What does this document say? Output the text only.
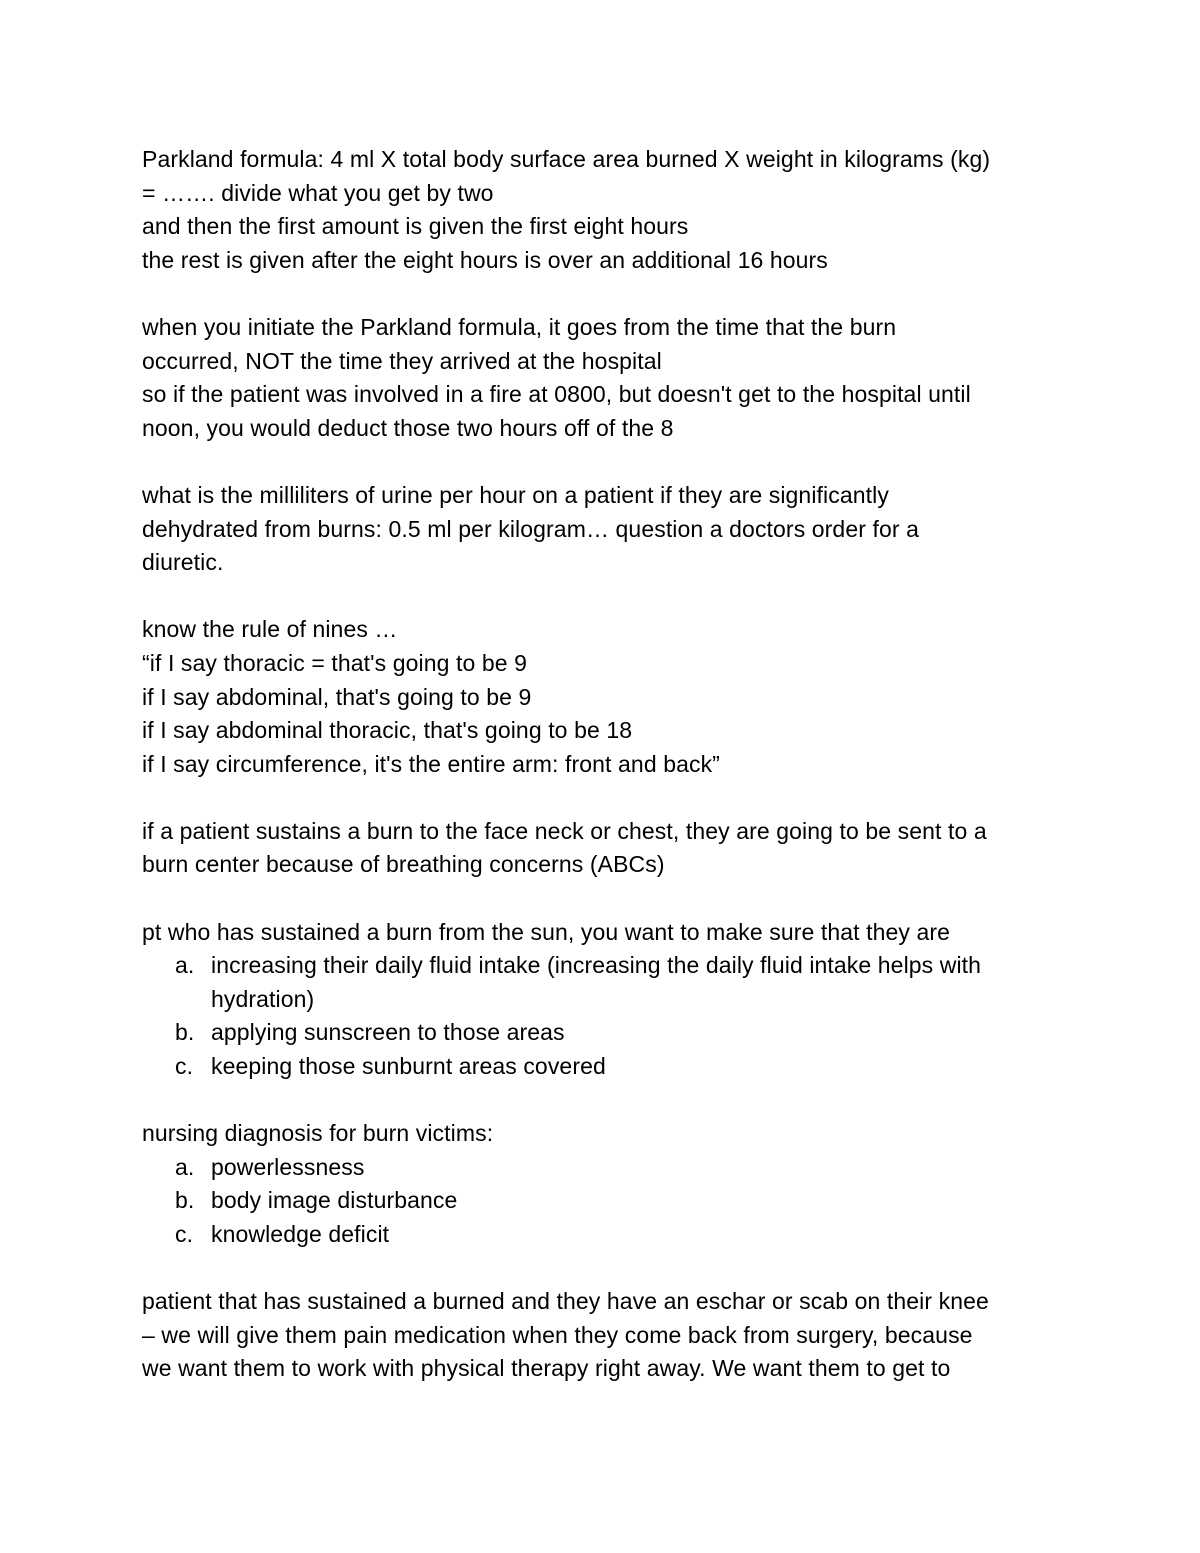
Parkland formula: 4 ml X total body surface area burned X weight in kilograms (kg)
= ……. divide what you get by two
and then the first amount is given the first eight hours
the rest is given after the eight hours is over an additional 16 hours
when you initiate the Parkland formula, it goes from the time that the burn
occurred, NOT the time they arrived at the hospital
so if the patient was involved in a fire at 0800, but doesn't get to the hospital until
noon, you would deduct those two hours off of the 8
what is the milliliters of urine per hour on a patient if they are significantly
dehydrated from burns: 0.5 ml per kilogram… question a doctors order for a
diuretic.
know the rule of nines …
“if I say thoracic = that's going to be 9
if I say abdominal, that's going to be 9
if I say abdominal thoracic, that's going to be 18
if I say circumference, it's the entire arm: front and back”
if a patient sustains a burn to the face neck or chest, they are going to be sent to a
burn center because of breathing concerns (ABCs)
pt who has sustained a burn from the sun, you want to make sure that they are
a. increasing their daily fluid intake (increasing the daily fluid intake helps with
hydration)
b. applying sunscreen to those areas
c. keeping those sunburnt areas covered
nursing diagnosis for burn victims:
a. powerlessness
b. body image disturbance
c. knowledge deficit
patient that has sustained a burned and they have an eschar or scab on their knee
– we will give them pain medication when they come back from surgery, because
we want them to work with physical therapy right away. We want them to get to
